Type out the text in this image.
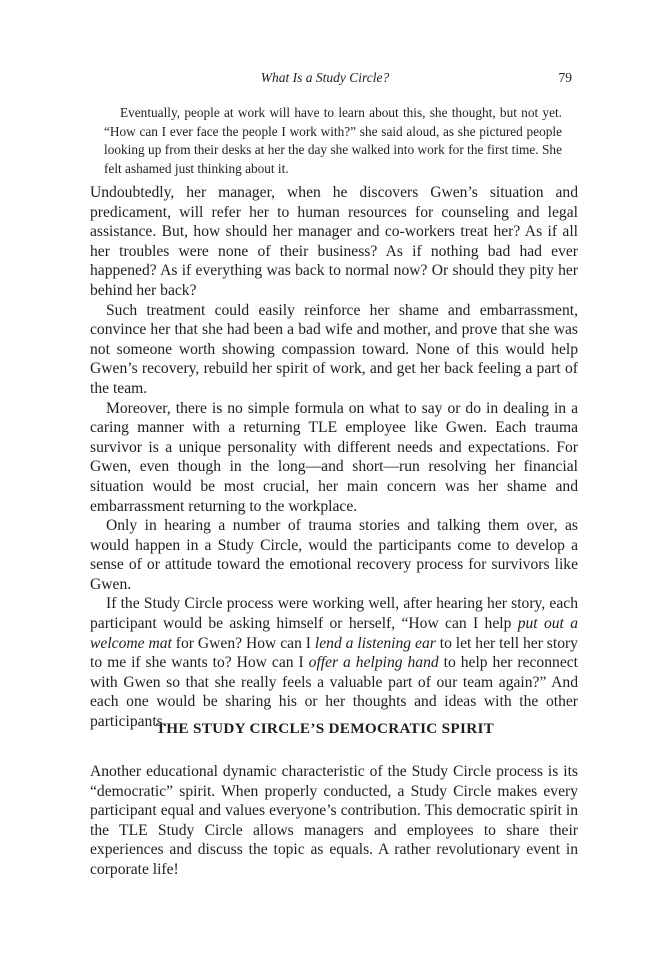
What Is a Study Circle?	79

Eventually, people at work will have to learn about this, she thought, but not yet. “How can I ever face the people I work with?” she said aloud, as she pictured people looking up from their desks at her the day she walked into work for the first time. She felt ashamed just thinking about it.

Undoubtedly, her manager, when he discovers Gwen’s situation and predicament, will refer her to human resources for counseling and legal assistance. But, how should her manager and co-workers treat her? As if all her troubles were none of their business? As if nothing bad had ever happened? As if everything was back to normal now? Or should they pity her behind her back?

Such treatment could easily reinforce her shame and embarrassment, convince her that she had been a bad wife and mother, and prove that she was not someone worth showing compassion toward. None of this would help Gwen’s recovery, rebuild her spirit of work, and get her back feeling a part of the team.

Moreover, there is no simple formula on what to say or do in dealing in a caring manner with a returning TLE employee like Gwen. Each trauma survivor is a unique personality with different needs and expectations. For Gwen, even though in the long—and short—run resolving her financial situation would be most crucial, her main concern was her shame and embarrassment returning to the workplace.

Only in hearing a number of trauma stories and talking them over, as would happen in a Study Circle, would the participants come to develop a sense of or attitude toward the emotional recovery process for survivors like Gwen.

If the Study Circle process were working well, after hearing her story, each participant would be asking himself or herself, “How can I help put out a welcome mat for Gwen? How can I lend a listening ear to let her tell her story to me if she wants to? How can I offer a helping hand to help her reconnect with Gwen so that she really feels a valuable part of our team again?” And each one would be sharing his or her thoughts and ideas with the other participants.

THE STUDY CIRCLE’S DEMOCRATIC SPIRIT

Another educational dynamic characteristic of the Study Circle process is its “democratic” spirit. When properly conducted, a Study Circle makes every participant equal and values everyone’s contribution. This democratic spirit in the TLE Study Circle allows managers and employees to share their experiences and discuss the topic as equals. A rather revolutionary event in corporate life!
